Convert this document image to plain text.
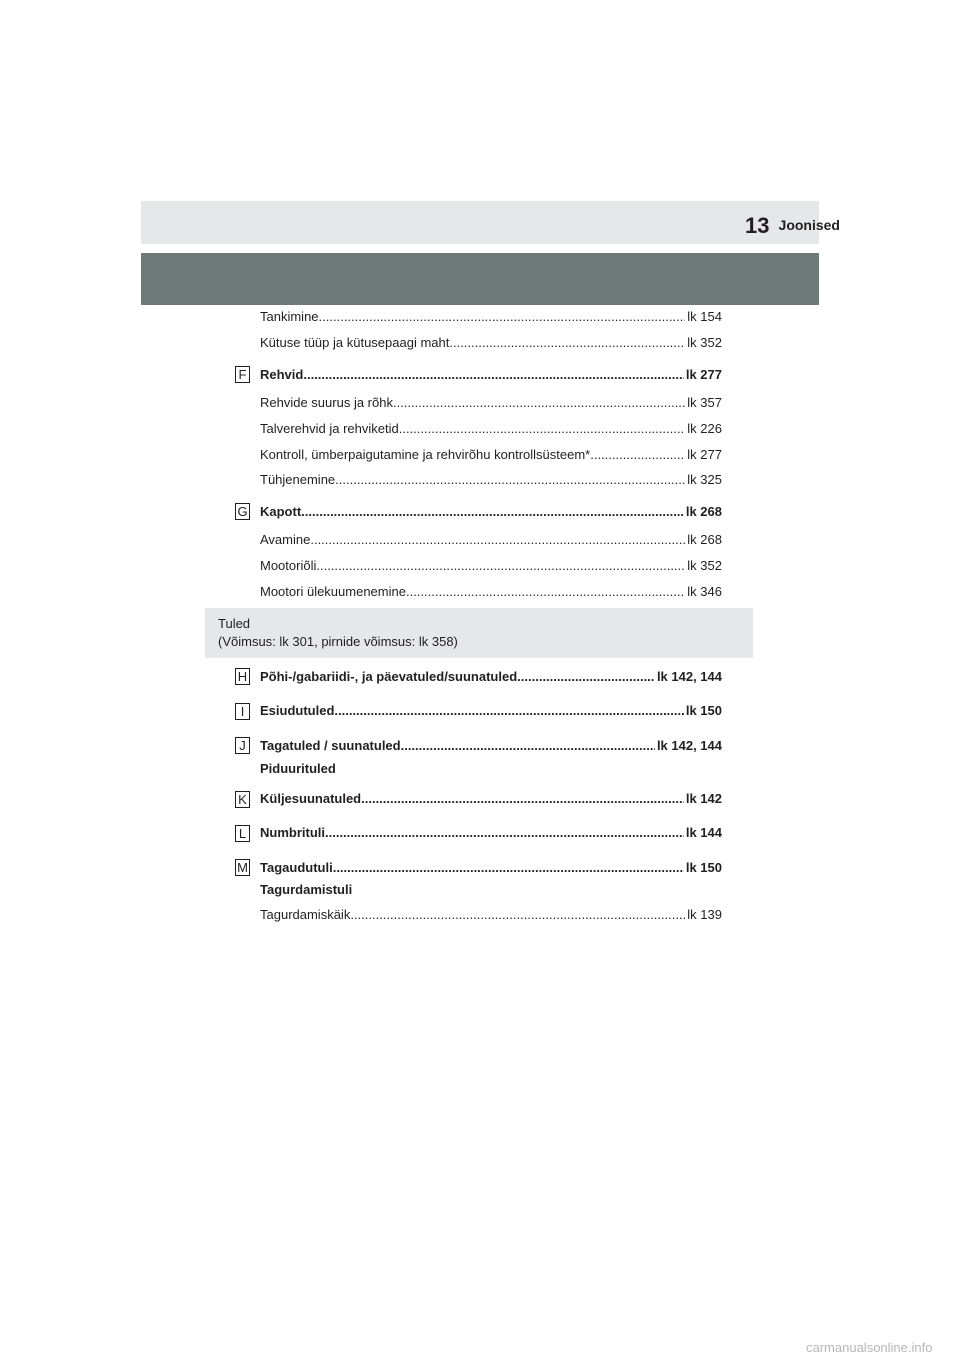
Joonised
13
Tankimine .....	lk 154
Kütuse tüüp ja kütusepaagi maht .....	lk 352
F Rehvid .....	lk 277
Rehvide suurus ja rõhk .....	lk 357
Talverehvid ja rehviketid .....	lk 226
Kontroll, ümberpaigutamine ja rehvirõhu kontrollsüsteem* .....	lk 277
Tühjenemine .....	lk 325
G Kapott .....	lk 268
Avamine .....	lk 268
Mootoriõli .....	lk 352
Mootori ülekuumenemine .....	lk 346
Tuled
(Võimsus: lk 301, pirnide võimsus: lk 358)
H Põhi-/gabariidi-, ja päevatuled/suunatuled .....	lk 142, 144
I	Esiudutuled .....	lk 150
J	Tagatuled / suunatuled .....	lk 142, 144
Piduurituled
K Küljesuunatuled .....	lk 142
L Numbrituli .....	lk 144
M Tagaudutuli .....	lk 150
Tagurdamistuli
Tagurdamiskäik .....	lk 139
carmanualsonline.info
